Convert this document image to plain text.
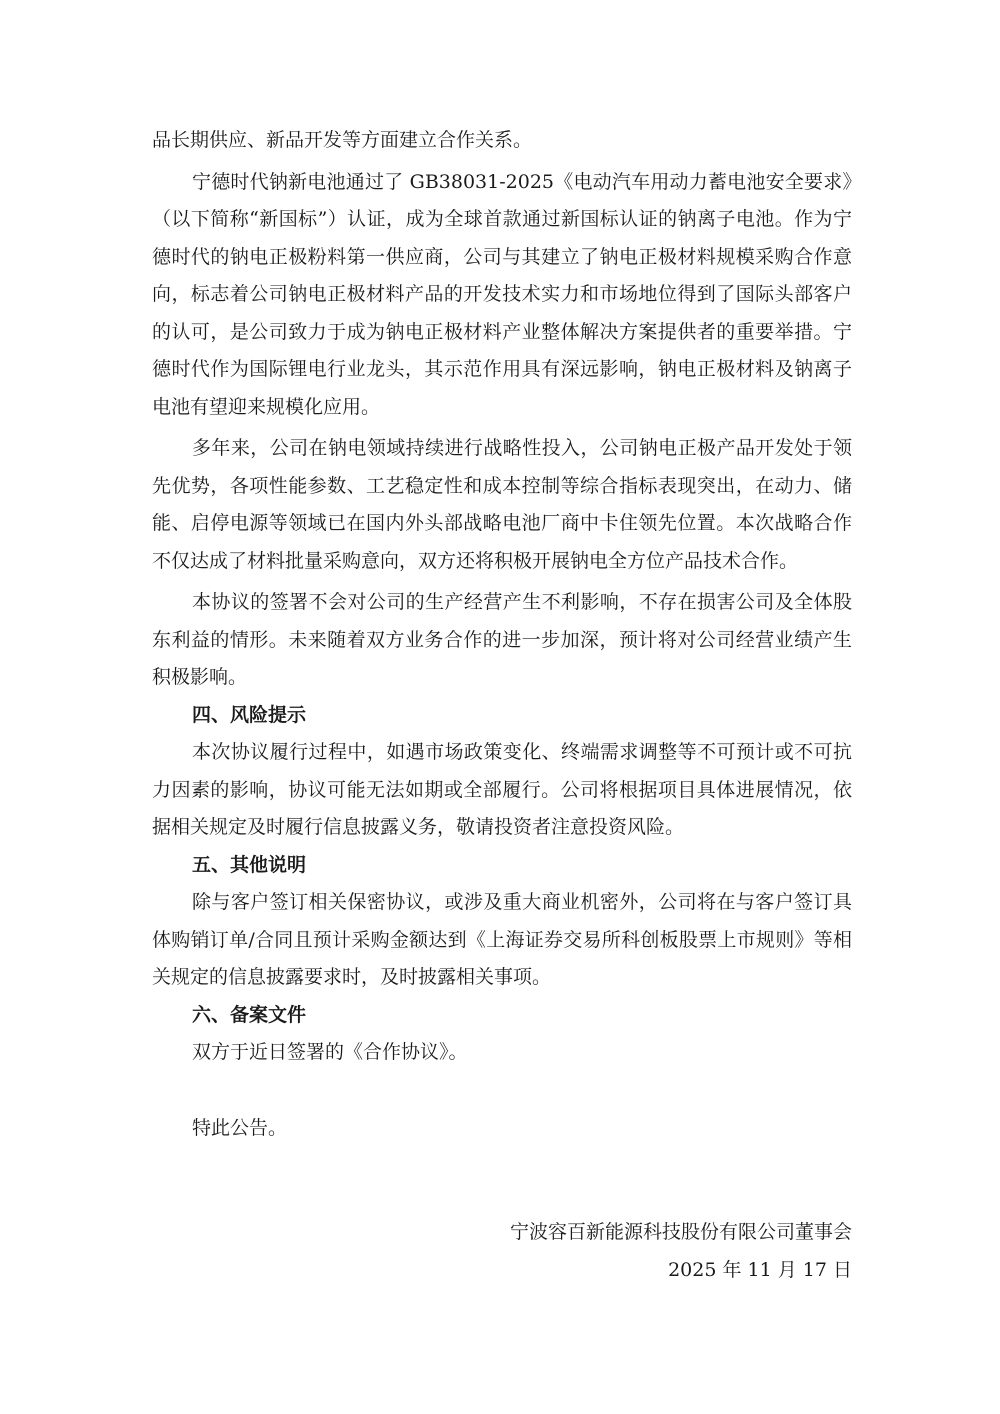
品长期供应、新品开发等方面建立合作关系。

宁德时代钠新电池通过了 GB38031-2025《电动汽车用动力蓄电池安全要求》（以下简称“新国标”）认证，成为全球首款通过新国标认证的钠离子电池。作为宁德时代的钠电正极粉料第一供应商，公司与其建立了钠电正极材料规模采购合作意向，标志着公司钠电正极材料产品的开发技术实力和市场地位得到了国际头部客户的认可，是公司致力于成为钠电正极材料产业整体解决方案提供者的重要举措。宁德时代作为国际锂电行业龙头，其示范作用具有深远影响，钠电正极材料及钠离子电池有望迎来规模化应用。

多年来，公司在钠电领域持续进行战略性投入，公司钠电正极产品开发处于领先优势，各项性能参数、工艺稳定性和成本控制等综合指标表现突出，在动力、储能、启停电源等领域已在国内外头部战略电池厂商中卡住领先位置。本次战略合作不仅达成了材料批量采购意向，双方还将积极开展钠电全方位产品技术合作。

本协议的签署不会对公司的生产经营产生不利影响，不存在损害公司及全体股东利益的情形。未来随着双方业务合作的进一步加深，预计将对公司经营业绩产生积极影响。

四、风险提示

本次协议履行过程中，如遇市场政策变化、终端需求调整等不可预计或不可抗力因素的影响，协议可能无法如期或全部履行。公司将根据项目具体进展情况，依据相关规定及时履行信息披露义务，敬请投资者注意投资风险。

五、其他说明

除与客户签订相关保密协议，或涉及重大商业机密外，公司将在与客户签订具体购销订单/合同且预计采购金额达到《上海证券交易所科创板股票上市规则》等相关规定的信息披露要求时，及时披露相关事项。

六、备案文件

双方于近日签署的《合作协议》。

特此公告。

宁波容百新能源科技股份有限公司董事会
2025 年 11 月 17 日
